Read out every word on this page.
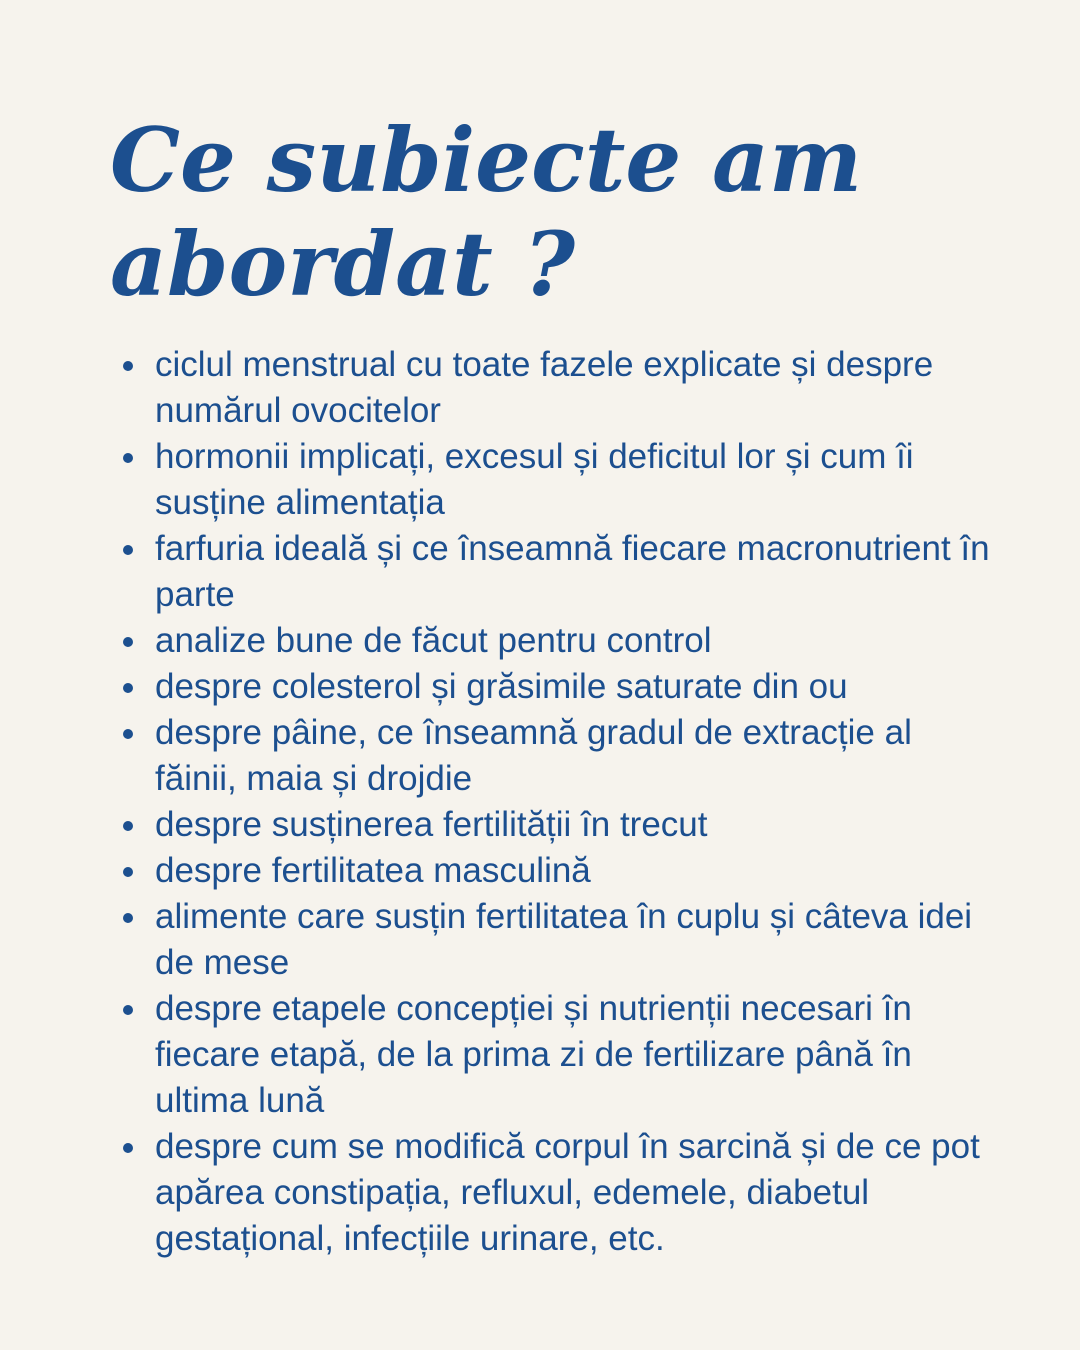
Ce subiecte am
abordat ?
ciclul menstrual cu toate fazele explicate și despre numărul ovocitelor
hormonii implicați, excesul și deficitul lor și cum îi susține alimentația
farfuria ideală și ce înseamnă fiecare macronutrient în parte
analize bune de făcut pentru control
despre colesterol și grăsimile saturate din ou
despre pâine, ce înseamnă gradul de extracție al făinii, maia și drojdie
despre susținerea fertilității în trecut
despre fertilitatea masculină
alimente care susțin fertilitatea în cuplu și câteva idei de mese
despre etapele concepției și nutrienții necesari în fiecare etapă, de la prima zi de fertilizare până în ultima lună
despre cum se modifică corpul în sarcină și de ce pot apărea constipația, refluxul, edemele, diabetul gestațional, infecțiile urinare, etc.
